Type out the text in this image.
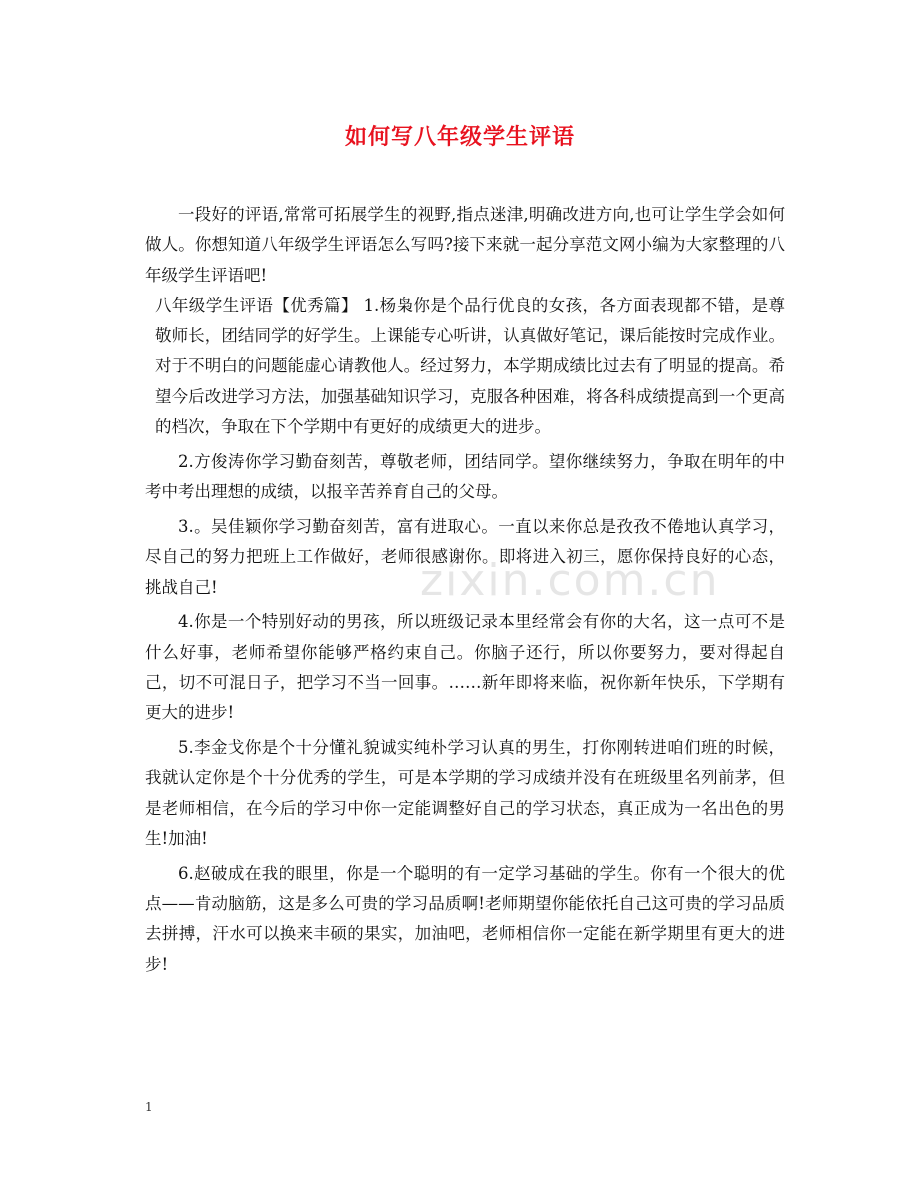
如何写八年级学生评语

一段好的评语,常常可拓展学生的视野,指点迷津,明确改进方向,也可让学生学会如何做人。你想知道八年级学生评语怎么写吗?接下来就一起分享范文网小编为大家整理的八年级学生评语吧!

八年级学生评语【优秀篇】 1.杨枭你是个品行优良的女孩，各方面表现都不错，是尊敬师长，团结同学的好学生。上课能专心听讲，认真做好笔记，课后能按时完成作业。对于不明白的问题能虚心请教他人。经过努力，本学期成绩比过去有了明显的提高。希望今后改进学习方法，加强基础知识学习，克服各种困难，将各科成绩提高到一个更高的档次，争取在下个学期中有更好的成绩更大的进步。

2.方俊涛你学习勤奋刻苦，尊敬老师，团结同学。望你继续努力，争取在明年的中考中考出理想的成绩，以报辛苦养育自己的父母。

3.。吴佳颖你学习勤奋刻苦，富有进取心。一直以来你总是孜孜不倦地认真学习，尽自己的努力把班上工作做好，老师很感谢你。即将进入初三，愿你保持良好的心态，挑战自己!

4.你是一个特别好动的男孩，所以班级记录本里经常会有你的大名，这一点可不是什么好事，老师希望你能够严格约束自己。你脑子还行，所以你要努力，要对得起自己，切不可混日子，把学习不当一回事。……新年即将来临，祝你新年快乐，下学期有更大的进步!

5.李金戈你是个十分懂礼貌诚实纯朴学习认真的男生，打你刚转进咱们班的时候，我就认定你是个十分优秀的学生，可是本学期的学习成绩并没有在班级里名列前茅，但是老师相信，在今后的学习中你一定能调整好自己的学习状态，真正成为一名出色的男生!加油!

6.赵破成在我的眼里，你是一个聪明的有一定学习基础的学生。你有一个很大的优点——肯动脑筋，这是多么可贵的学习品质啊!老师期望你能依托自己这可贵的学习品质去拼搏，汗水可以换来丰硕的果实，加油吧，老师相信你一定能在新学期里有更大的进步!

zixin.com.cn
1
